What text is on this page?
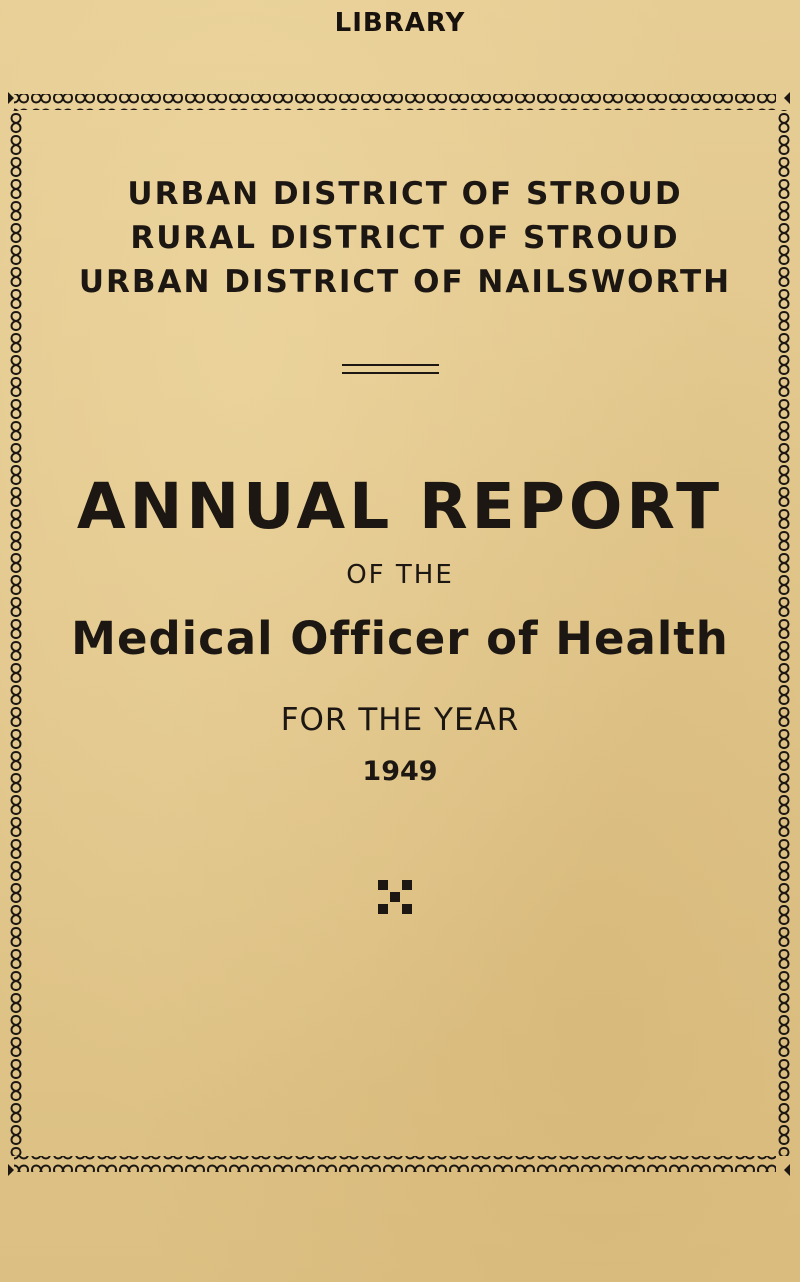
LIBRARY
URBAN DISTRICT OF STROUD
RURAL DISTRICT OF STROUD
URBAN DISTRICT OF NAILSWORTH
ANNUAL REPORT
OF THE
Medical Officer of Health
FOR THE YEAR
1949
